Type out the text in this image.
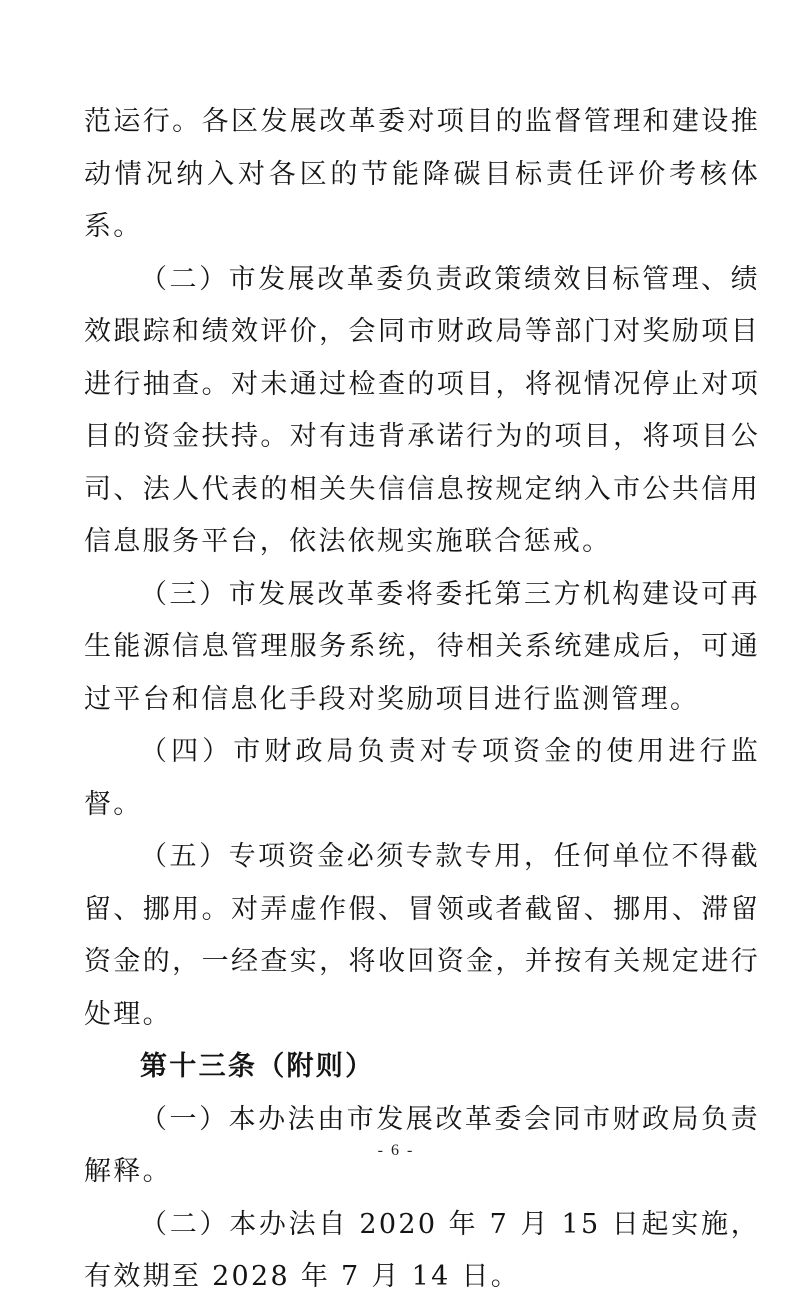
范运行。各区发展改革委对项目的监督管理和建设推动情况纳入对各区的节能降碳目标责任评价考核体系。

（二）市发展改革委负责政策绩效目标管理、绩效跟踪和绩效评价，会同市财政局等部门对奖励项目进行抽查。对未通过检查的项目，将视情况停止对项目的资金扶持。对有违背承诺行为的项目，将项目公司、法人代表的相关失信信息按规定纳入市公共信用信息服务平台，依法依规实施联合惩戒。

（三）市发展改革委将委托第三方机构建设可再生能源信息管理服务系统，待相关系统建成后，可通过平台和信息化手段对奖励项目进行监测管理。

（四）市财政局负责对专项资金的使用进行监督。

（五）专项资金必须专款专用，任何单位不得截留、挪用。对弄虚作假、冒领或者截留、挪用、滞留资金的，一经查实，将收回资金，并按有关规定进行处理。

第十三条（附则）

（一）本办法由市发展改革委会同市财政局负责解释。

（二）本办法自 2020 年 7 月 15 日起实施，有效期至 2028 年 7 月 14 日。

- 6 -
